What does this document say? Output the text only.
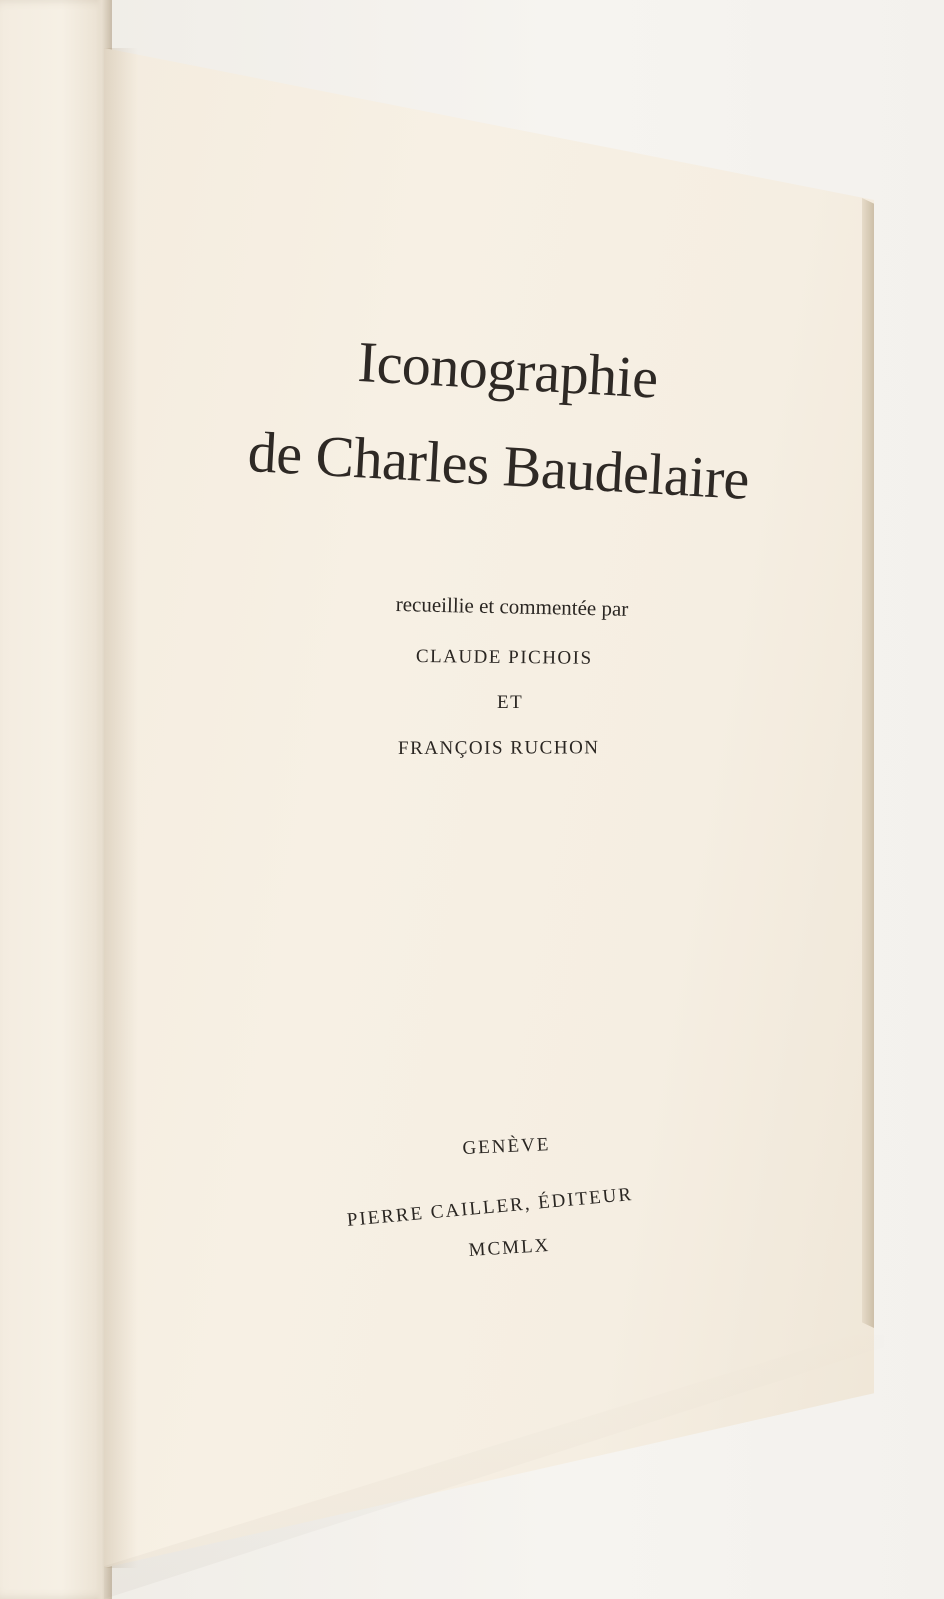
Iconographie
de Charles Baudelaire
recueillie et commentée par
CLAUDE PICHOIS
ET
FRANÇOIS RUCHON
GENÈVE
PIERRE CAILLER, ÉDITEUR
MCMLX
